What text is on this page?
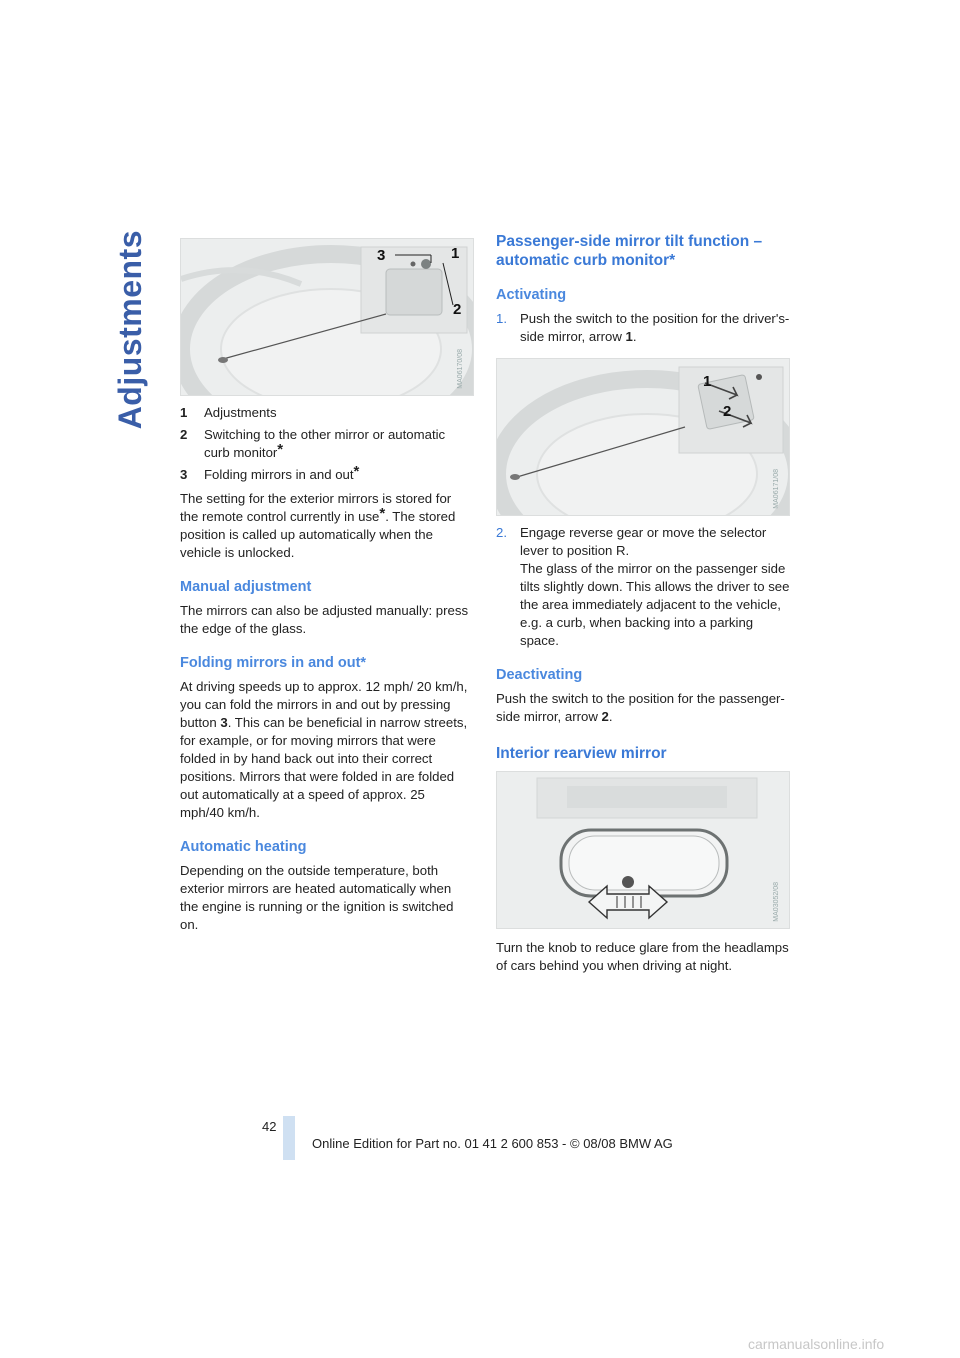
Adjustments	3	1
2
MA06170/08
1	Adjustments
2	Switching to the other mirror or automatic curb monitor*
3	Folding mirrors in and out*

The setting for the exterior mirrors is stored for the remote control currently in use*. The stored position is called up automatically when the vehicle is unlocked.

Manual adjustment

The mirrors can also be adjusted manually: press the edge of the glass.

Folding mirrors in and out*

At driving speeds up to approx. 12 mph/ 20 km/h, you can fold the mirrors in and out by pressing button 3. This can be beneficial in narrow streets, for example, or for moving mirrors that were folded in by hand back out into their correct positions. Mirrors that were folded in are folded out automatically at a speed of approx. 25 mph/40 km/h.

Automatic heating

Depending on the outside temperature, both exterior mirrors are heated automatically when the engine is running or the ignition is switched on.

Passenger-side mirror tilt function – automatic curb monitor*
Activating
1. Push the switch to the position for the driver's-side mirror, arrow 1.
1
2
MA06171/08
2. Engage reverse gear or move the selector lever to position R.
The glass of the mirror on the passenger side tilts slightly down. This allows the driver to see the area immediately adjacent to the vehicle, e.g. a curb, when backing into a parking space.
Deactivating

Push the switch to the position for the passenger-side mirror, arrow 2.

Interior rearview mirror
MA03052/08

Turn the knob to reduce glare from the headlamps of cars behind you when driving at night.

42
Online Edition for Part no. 01 41 2 600 853 - © 08/08 BMW AG
carmanualsonline.info
